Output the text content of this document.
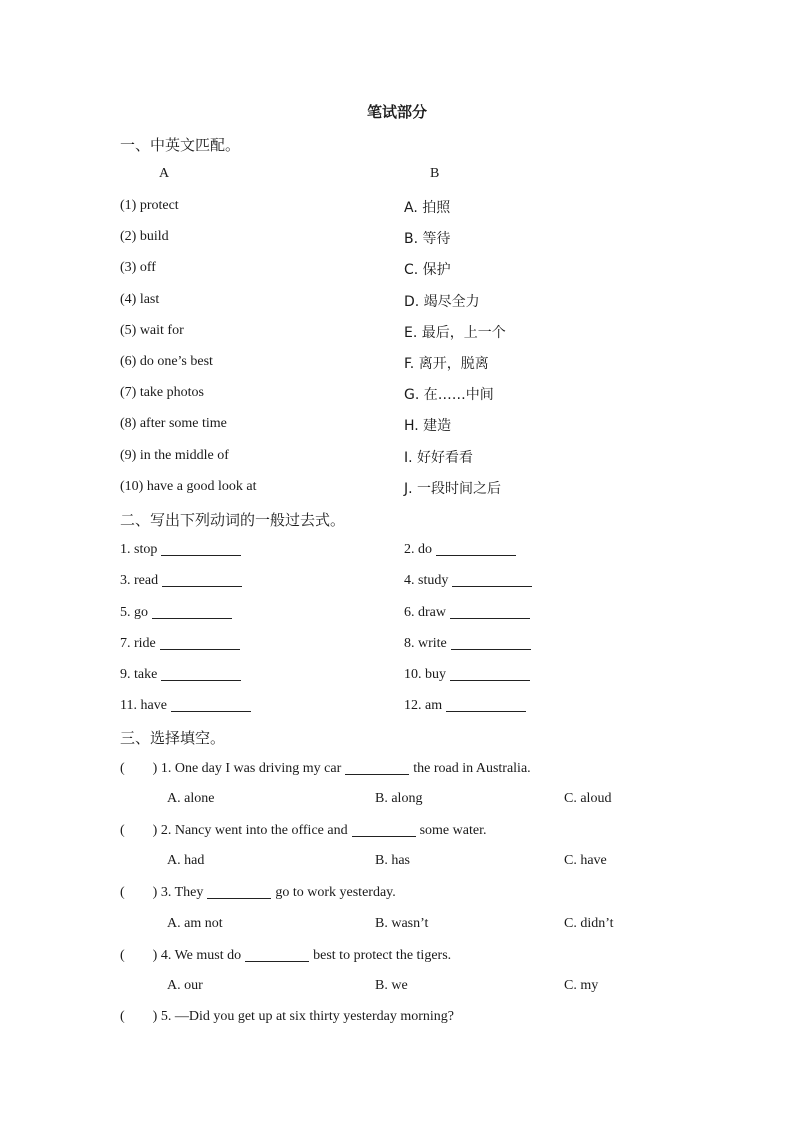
笔试部分
一、中英文匹配。
A	B
(1) protect	A. 拍照
(2) build	B. 等待
(3) off	C. 保护
(4) last	D. 竭尽全力
(5) wait for	E. 最后，上一个
(6) do one’s best	F. 离开，脱离
(7) take photos	G. 在……中间
(8) after some time	H. 建造
(9) in the middle of	I. 好好看看
(10) have a good look at	J. 一段时间之后
二、写出下列动词的一般过去式。
1. stop	2. do
3. read	4. study
5. go	6. draw
7. ride	8. write
9. take	10. buy
11. have	12. am
三、选择填空。
( ) 1. One day I was driving my car	the road in Australia.
A. alone	B. along	C. aloud
( ) 2. Nancy went into the office and	some water.
A. had	B. has	C. have
( ) 3. They	go to work yesterday.
A. am not	B. wasn’t	C. didn’t
( ) 4. We must do	best to protect the tigers.
A. our	B. we	C. my
( ) 5. —Did you get up at six thirty yesterday morning?
